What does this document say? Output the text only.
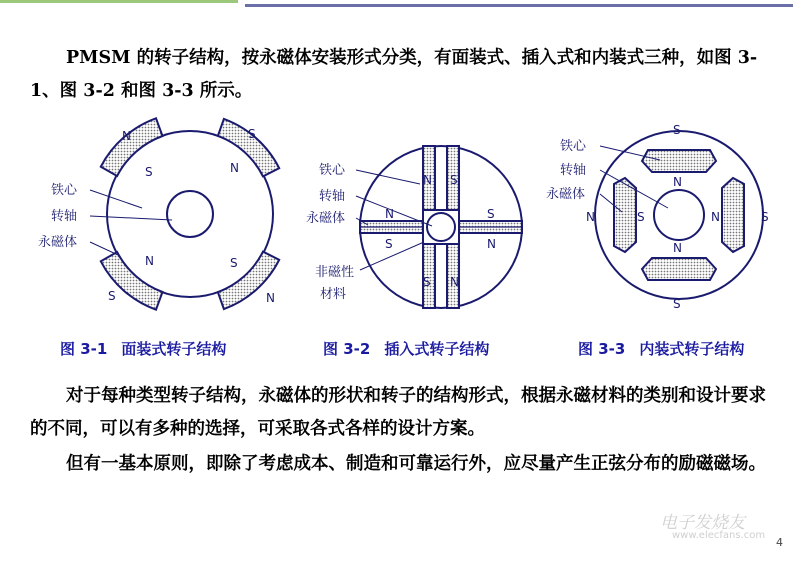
PMSM 的转子结构，按永磁体安装形式分类，有面装式、插入式和内装式三种，如图 3-1、图 3-2 和图 3-3 所示。

N
S	N
S
N	S
N
S
铁心
转轴
永磁体
N S
N	S
S	N
S N
铁心
转轴
永磁体
非磁性
材料
S
N
N	S	N	S
N
S
铁心
转轴
永磁体
图 3-1 面装式转子结构	图 3-2 插入式转子结构	图 3-3 内装式转子结构

对于每种类型转子结构，永磁体的形状和转子的结构形式，根据永磁材料的类别和设计要求的不同，可以有多种的选择，可采取各式各样的设计方案。

但有一基本原则，即除了考虑成本、制造和可靠运行外，应尽量产生正弦分布的励磁磁场。

电子发烧友
www.elecfans.com
4
